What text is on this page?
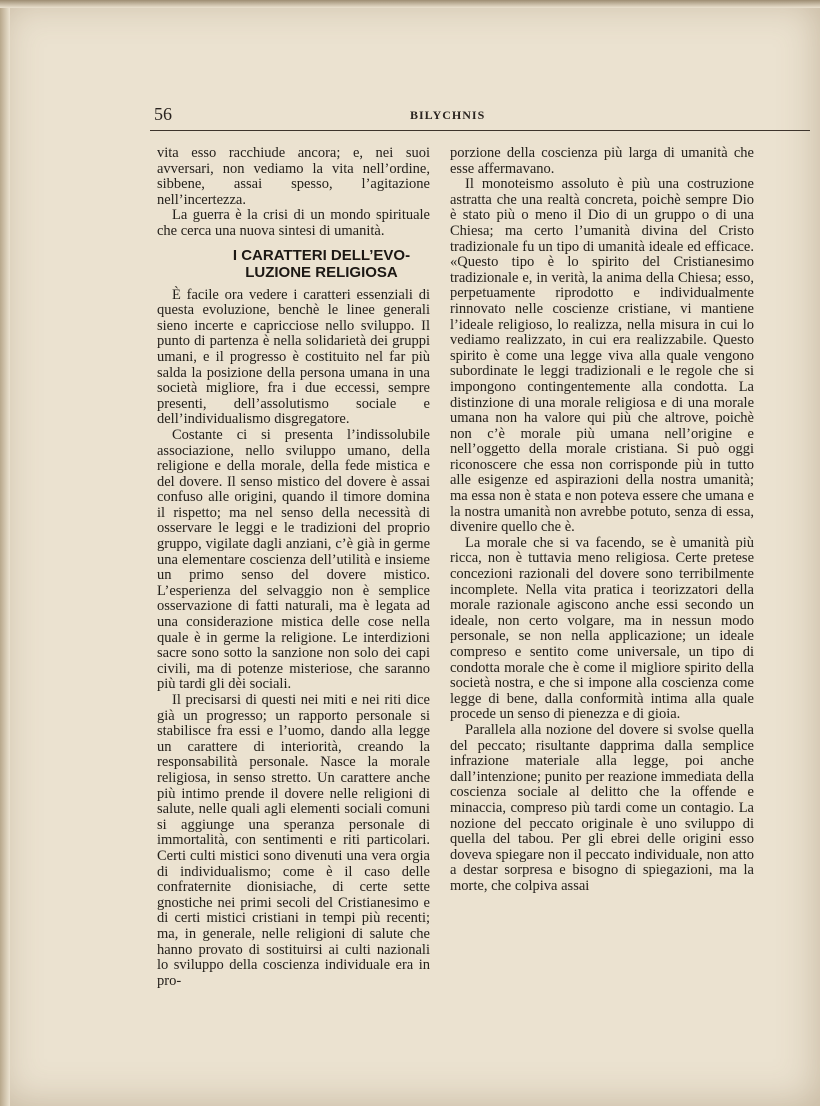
56	BILYCHNIS

vita esso racchiude ancora; e, nei suoi avversari, non vediamo la vita nell’ordine, sibbene, assai spesso, l’agitazione nell’incertezza.

La guerra è la crisi di un mondo spirituale che cerca una nuova sintesi di umanità.

I CARATTERI DELL’EVO-
LUZIONE RELIGIOSA

È facile ora vedere i caratteri essenziali di questa evoluzione, benchè le linee generali sieno incerte e capricciose nello sviluppo. Il punto di partenza è nella solidarietà dei gruppi umani, e il progresso è costituito nel far più salda la posizione della persona umana in una società migliore, fra i due eccessi, sempre presenti, dell’assolutismo sociale e dell’individualismo disgregatore.

Costante ci si presenta l’indissolubile associazione, nello sviluppo umano, della religione e della morale, della fede mistica e del dovere. Il senso mistico del dovere è assai confuso alle origini, quando il timore domina il rispetto; ma nel senso della necessità di osservare le leggi e le tradizioni del proprio gruppo, vigilate dagli anziani, c’è già in germe una elementare coscienza dell’utilità e insieme un primo senso del dovere mistico. L’esperienza del selvaggio non è semplice osservazione di fatti naturali, ma è legata ad una considerazione mistica delle cose nella quale è in germe la religione. Le interdizioni sacre sono sotto la sanzione non solo dei capi civili, ma di potenze misteriose, che saranno più tardi gli dèi sociali.

Il precisarsi di questi nei miti e nei riti dice già un progresso; un rapporto personale si stabilisce fra essi e l’uomo, dando alla legge un carattere di interiorità, creando la responsabilità personale. Nasce la morale religiosa, in senso stretto. Un carattere anche più intimo prende il dovere nelle religioni di salute, nelle quali agli elementi sociali comuni si aggiunge una speranza personale di immortalità, con sentimenti e riti particolari. Certi culti mistici sono divenuti una vera orgia di individualismo; come è il caso delle confraternite dionisiache, di certe sette gnostiche nei primi secoli del Cristianesimo e di certi mistici cristiani in tempi più recenti; ma, in generale, nelle religioni di salute che hanno provato di sostituirsi ai culti nazionali lo sviluppo della coscienza individuale era in pro-

porzione della coscienza più larga di umanità che esse affermavano.

Il monoteismo assoluto è più una costruzione astratta che una realtà concreta, poichè sempre Dio è stato più o meno il Dio di un gruppo o di una Chiesa; ma certo l’umanità divina del Cristo tradizionale fu un tipo di umanità ideale ed efficace. «Questo tipo è lo spirito del Cristianesimo tradizionale e, in verità, la anima della Chiesa; esso, perpetuamente riprodotto e individualmente rinnovato nelle coscienze cristiane, vi mantiene l’ideale religioso, lo realizza, nella misura in cui lo vediamo realizzato, in cui era realizzabile. Questo spirito è come una legge viva alla quale vengono subordinate le leggi tradizionali e le regole che si impongono contingentemente alla condotta. La distinzione di una morale religiosa e di una morale umana non ha valore qui più che altrove, poichè non c’è morale più umana nell’origine e nell’oggetto della morale cristiana. Si può oggi riconoscere che essa non corrisponde più in tutto alle esigenze ed aspirazioni della nostra umanità; ma essa non è stata e non poteva essere che umana e la nostra umanità non avrebbe potuto, senza di essa, divenire quello che è.

La morale che si va facendo, se è umanità più ricca, non è tuttavia meno religiosa. Certe pretese concezioni razionali del dovere sono terribilmente incomplete. Nella vita pratica i teorizzatori della morale razionale agiscono anche essi secondo un ideale, non certo volgare, ma in nessun modo personale, se non nella applicazione; un ideale compreso e sentito come universale, un tipo di condotta morale che è come il migliore spirito della società nostra, e che si impone alla coscienza come legge di bene, dalla conformità intima alla quale procede un senso di pienezza e di gioia.

Parallela alla nozione del dovere si svolse quella del peccato; risultante dapprima dalla semplice infrazione materiale alla legge, poi anche dall’intenzione; punito per reazione immediata della coscienza sociale al delitto che la offende e minaccia, compreso più tardi come un contagio. La nozione del peccato originale è uno sviluppo di quella del tabou. Per gli ebrei delle origini esso doveva spiegare non il peccato individuale, non atto a destar sorpresa e bisogno di spiegazioni, ma la morte, che colpiva assai
